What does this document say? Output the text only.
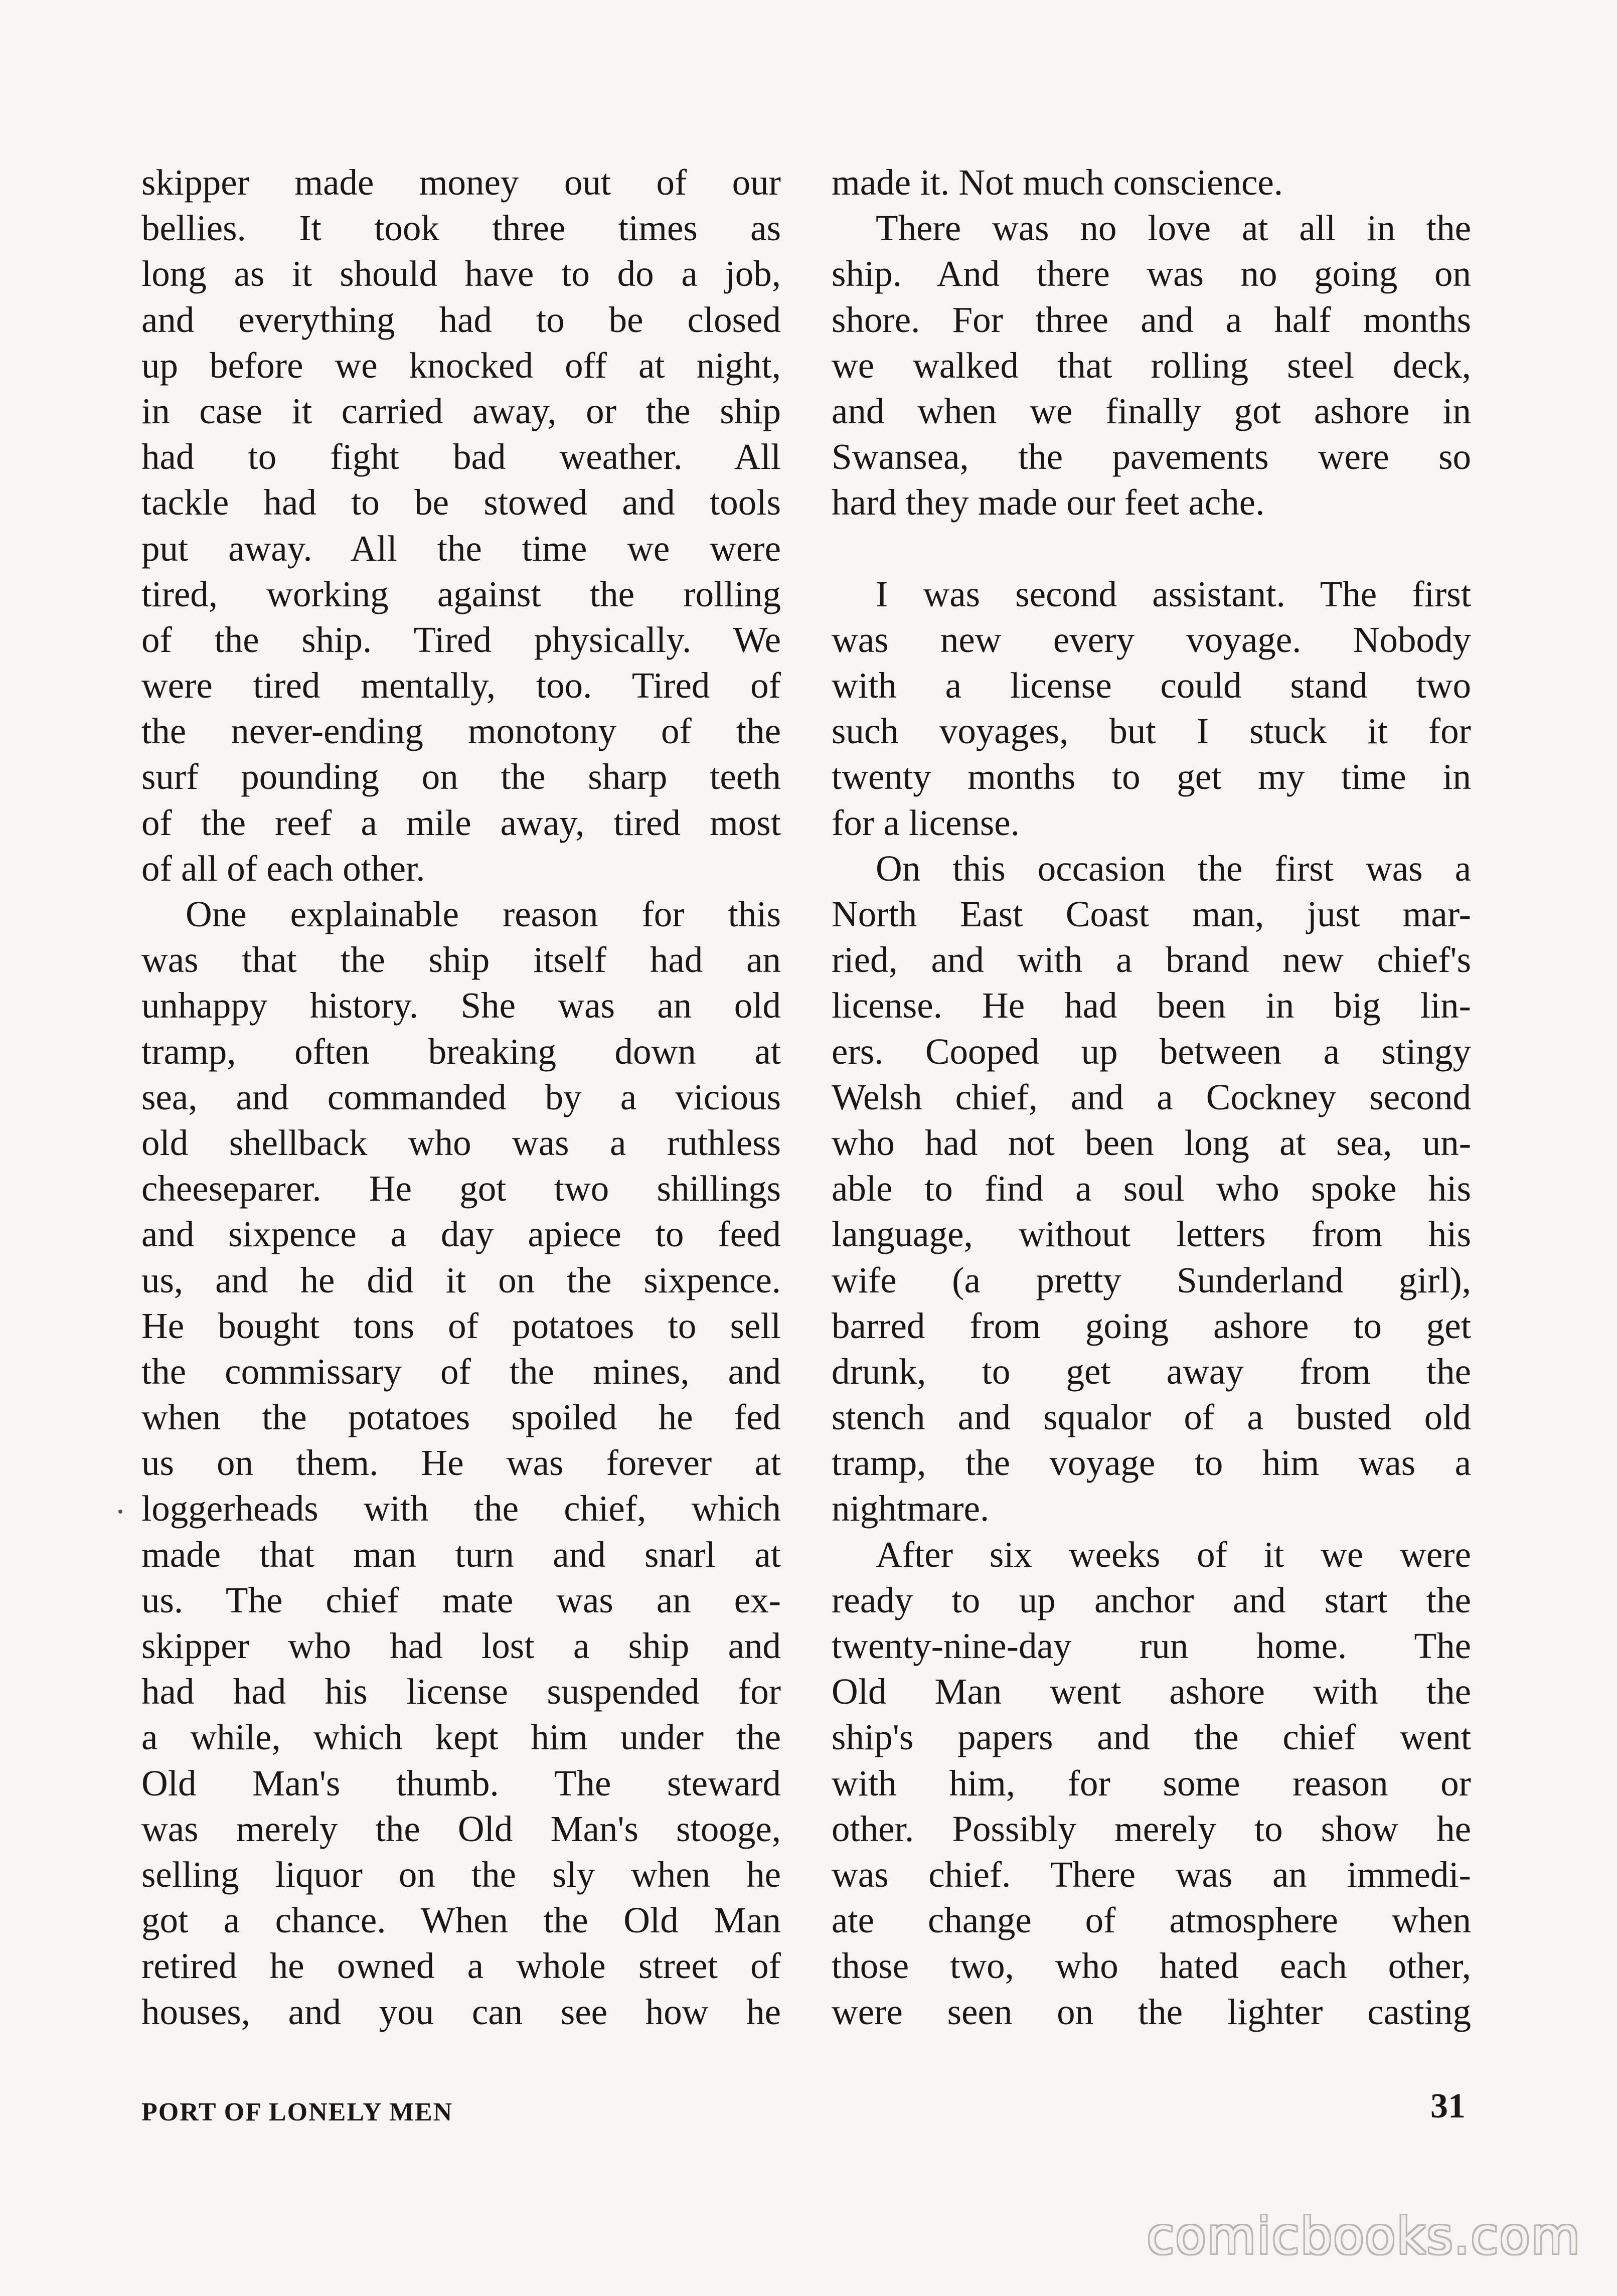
skipper made money out of our
bellies. It took three times as
long as it should have to do a job,
and everything had to be closed
up before we knocked off at night,
in case it carried away, or the ship
had to fight bad weather. All
tackle had to be stowed and tools
put away. All the time we were
tired, working against the rolling
of the ship. Tired physically. We
were tired mentally, too. Tired of
the never-ending monotony of the
surf pounding on the sharp teeth
of the reef a mile away, tired most
of all of each other.
One explainable reason for this
was that the ship itself had an
unhappy history. She was an old
tramp, often breaking down at
sea, and commanded by a vicious
old shellback who was a ruthless
cheeseparer. He got two shillings
and sixpence a day apiece to feed
us, and he did it on the sixpence.
He bought tons of potatoes to sell
the commissary of the mines, and
when the potatoes spoiled he fed
us on them. He was forever at
loggerheads with the chief, which
made that man turn and snarl at
us. The chief mate was an ex-
skipper who had lost a ship and
had had his license suspended for
a while, which kept him under the
Old Man's thumb. The steward
was merely the Old Man's stooge,
selling liquor on the sly when he
got a chance. When the Old Man
retired he owned a whole street of
houses, and you can see how he
made it. Not much conscience.
There was no love at all in the
ship. And there was no going on
shore. For three and a half months
we walked that rolling steel deck,
and when we finally got ashore in
Swansea, the pavements were so
hard they made our feet ache.
I was second assistant. The first
was new every voyage. Nobody
with a license could stand two
such voyages, but I stuck it for
twenty months to get my time in
for a license.
On this occasion the first was a
North East Coast man, just mar-
ried, and with a brand new chief's
license. He had been in big lin-
ers. Cooped up between a stingy
Welsh chief, and a Cockney second
who had not been long at sea, un-
able to find a soul who spoke his
language, without letters from his
wife (a pretty Sunderland girl),
barred from going ashore to get
drunk, to get away from the
stench and squalor of a busted old
tramp, the voyage to him was a
nightmare.
After six weeks of it we were
ready to up anchor and start the
twenty-nine-day run home. The
Old Man went ashore with the
ship's papers and the chief went
with him, for some reason or
other. Possibly merely to show he
was chief. There was an immedi-
ate change of atmosphere when
those two, who hated each other,
were seen on the lighter casting
PORT OF LONELY MEN	31
comicbooks.com
